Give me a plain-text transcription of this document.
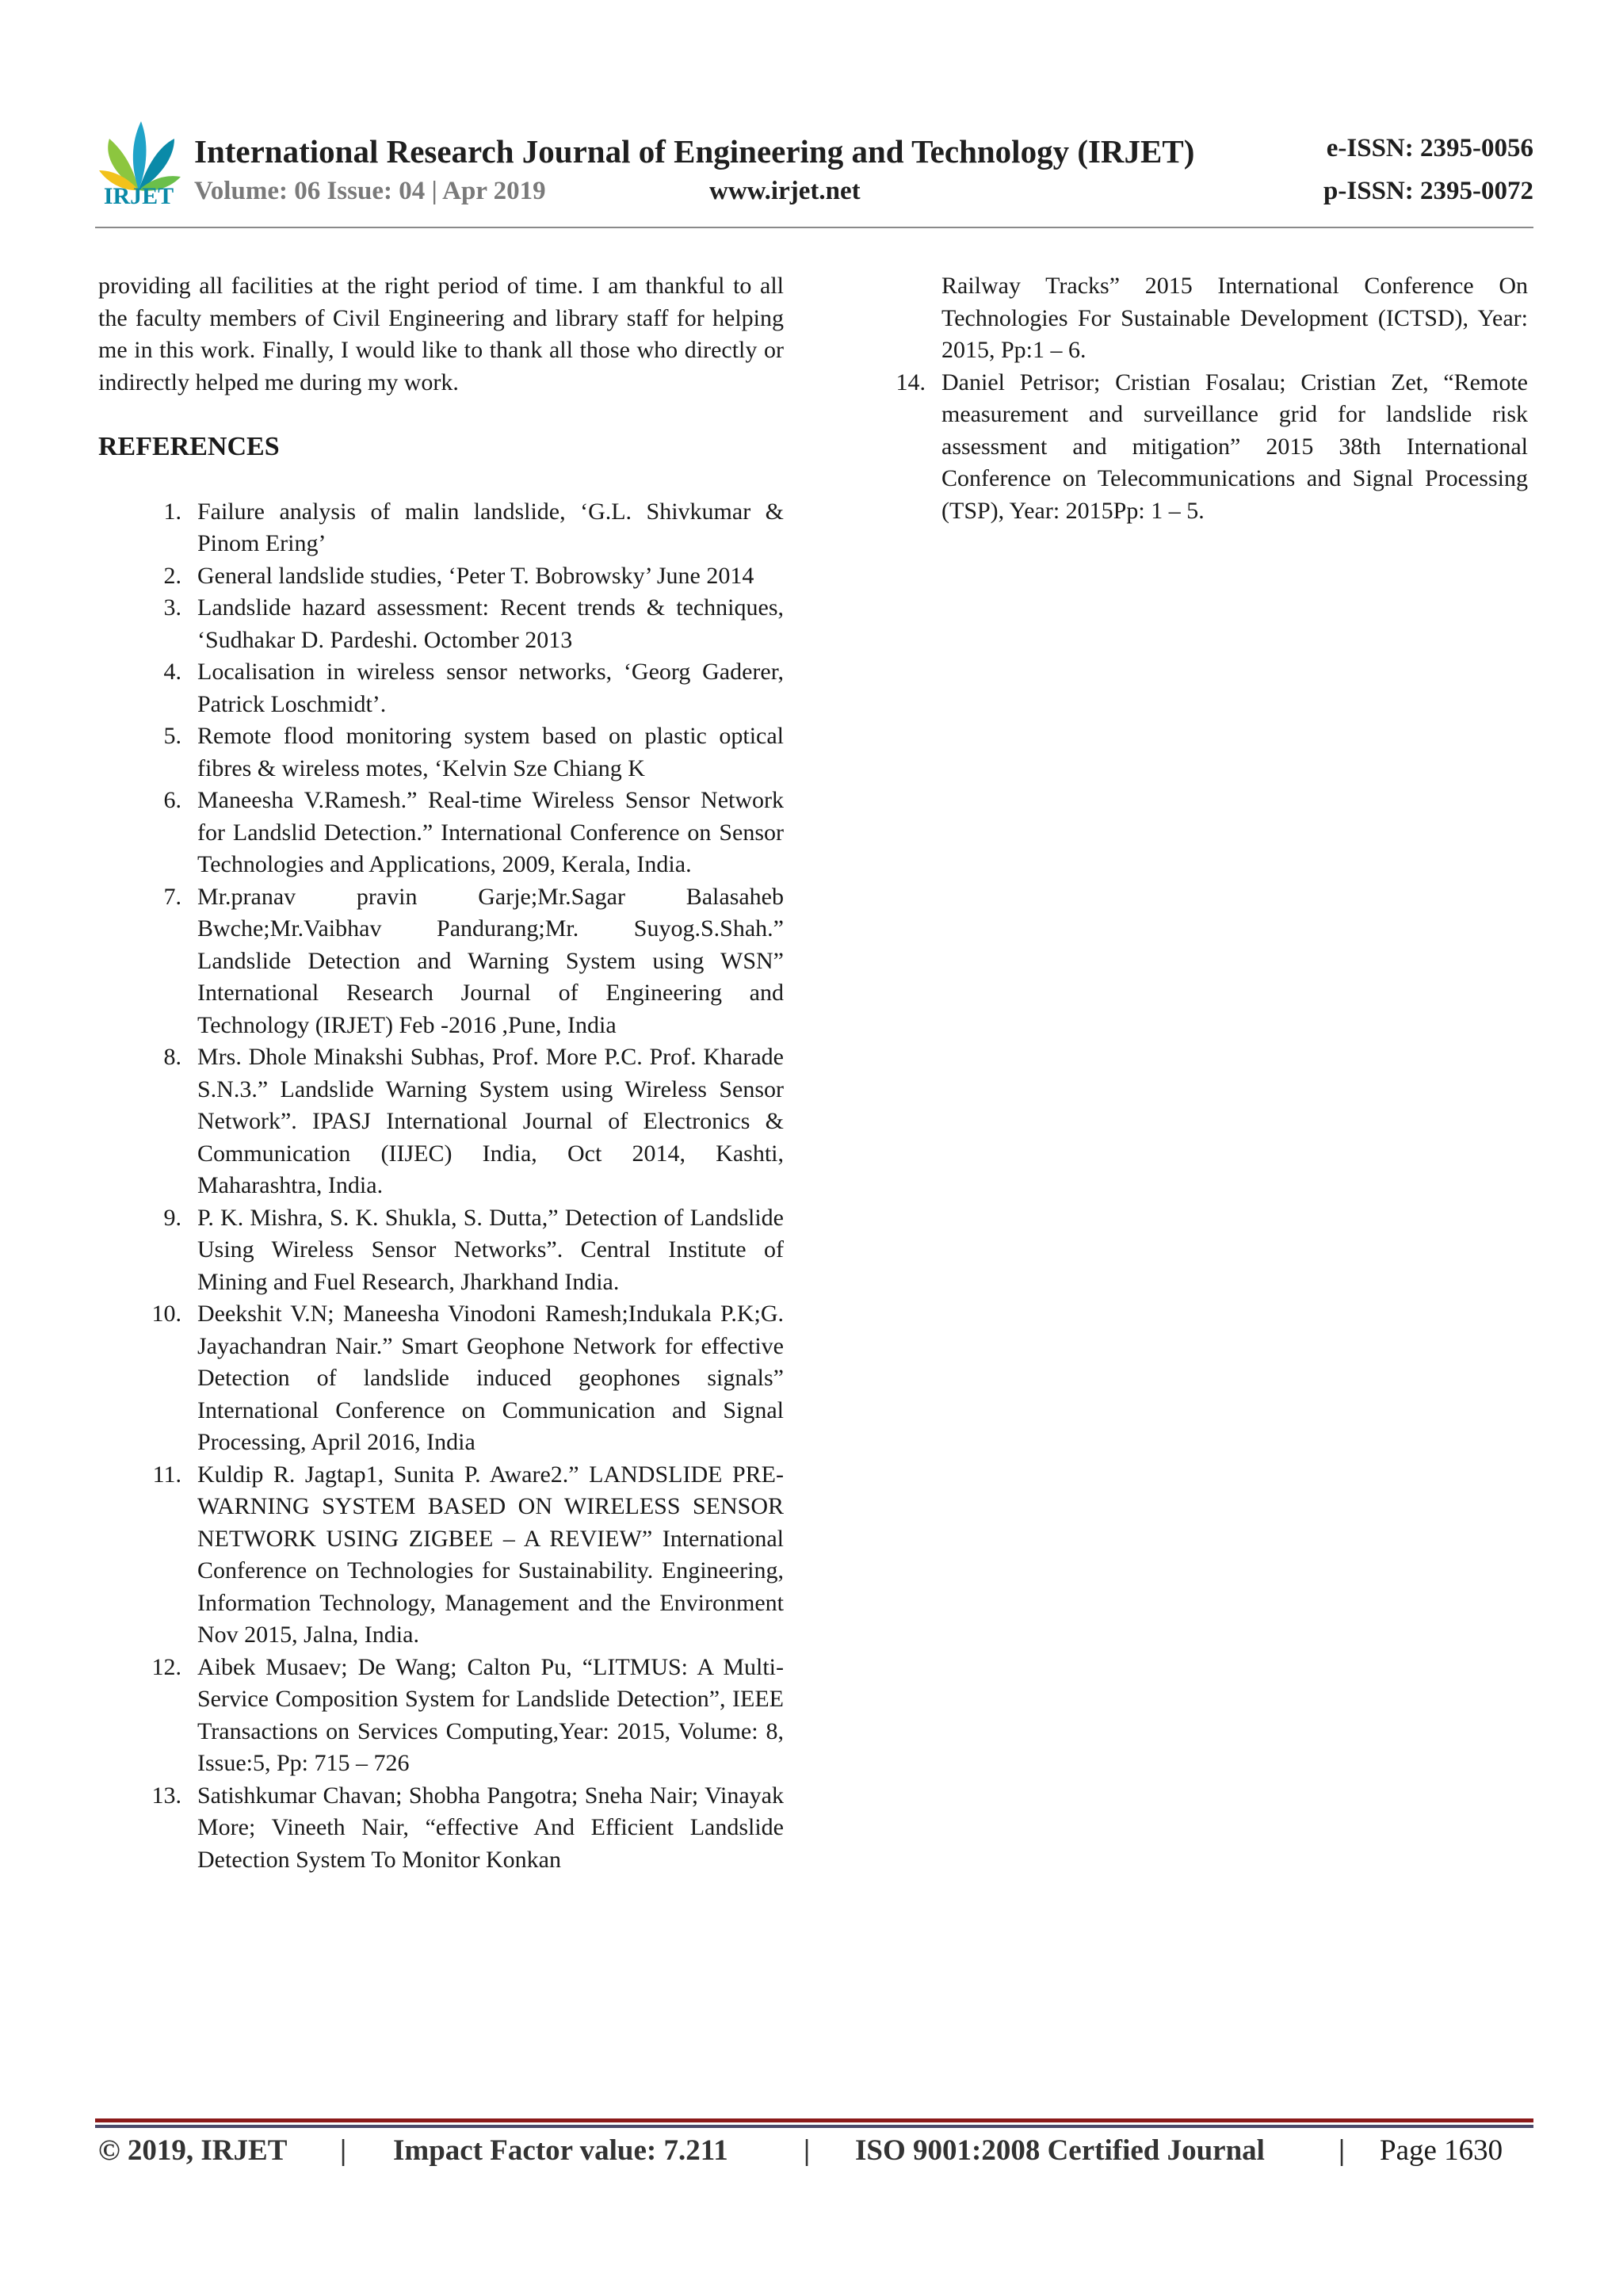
IRJET
International Research Journal of Engineering and Technology (IRJET)
Volume: 06 Issue: 04 | Apr 2019	www.irjet.net
e-ISSN: 2395-0056
p-ISSN: 2395-0072

providing all facilities at the right period of time. I am thankful to all the faculty members of Civil Engineering and library staff for helping me in this work. Finally, I would like to thank all those who directly or indirectly helped me during my work.

REFERENCES
1. Failure analysis of malin landslide, ‘G.L. Shivkumar & Pinom Ering’
2. General landslide studies, ‘Peter T. Bobrowsky’ June 2014
3. Landslide hazard assessment: Recent trends & techniques, ‘Sudhakar D. Pardeshi. Octomber 2013
4. Localisation in wireless sensor networks, ‘Georg Gaderer, Patrick Loschmidt’.
5. Remote flood monitoring system based on plastic optical fibres & wireless motes, ‘Kelvin Sze Chiang K
6. Maneesha V.Ramesh.” Real-time Wireless Sensor Network for Landslid Detection.” International Conference on Sensor Technologies and Applications, 2009, Kerala, India.
7. Mr.pranav pravin Garje;Mr.Sagar Balasaheb Bwche;Mr.Vaibhav Pandurang;Mr. Suyog.S.Shah.” Landslide Detection and Warning System using WSN” International Research Journal of Engineering and Technology (IRJET) Feb -2016 ,Pune, India
8. Mrs. Dhole Minakshi Subhas, Prof. More P.C. Prof. Kharade S.N.3.” Landslide Warning System using Wireless Sensor Network”. IPASJ International Journal of Electronics & Communication (IIJEC) India, Oct 2014, Kashti, Maharashtra, India.
9. P. K. Mishra, S. K. Shukla, S. Dutta,” Detection of Landslide Using Wireless Sensor Networks”. Central Institute of Mining and Fuel Research, Jharkhand India.
10. Deekshit V.N; Maneesha Vinodoni Ramesh;Indukala P.K;G. Jayachandran Nair.” Smart Geophone Network for effective Detection of landslide induced geophones signals” International Conference on Communication and Signal Processing, April 2016, India
11. Kuldip R. Jagtap1, Sunita P. Aware2.” LANDSLIDE PRE-WARNING SYSTEM BASED ON WIRELESS SENSOR NETWORK USING ZIGBEE – A REVIEW” International Conference on Technologies for Sustainability. Engineering, Information Technology, Management and the Environment Nov 2015, Jalna, India.
12. Aibek Musaev; De Wang; Calton Pu, “LITMUS: A Multi-Service Composition System for Landslide Detection”, IEEE Transactions on Services Computing,Year: 2015, Volume: 8, Issue:5, Pp: 715 – 726
13. Satishkumar Chavan; Shobha Pangotra; Sneha Nair; Vinayak More; Vineeth Nair, “effective And Efficient Landslide Detection System To Monitor Konkan
Railway Tracks” 2015 International Conference On Technologies For Sustainable Development (ICTSD), Year: 2015, Pp:1 – 6.
14. Daniel Petrisor; Cristian Fosalau; Cristian Zet, “Remote measurement and surveillance grid for landslide risk assessment and mitigation” 2015 38th International Conference on Telecommunications and Signal Processing (TSP), Year: 2015Pp: 1 – 5.
© 2019, IRJET | Impact Factor value: 7.211	| ISO 9001:2008 Certified Journal	| Page 1630
